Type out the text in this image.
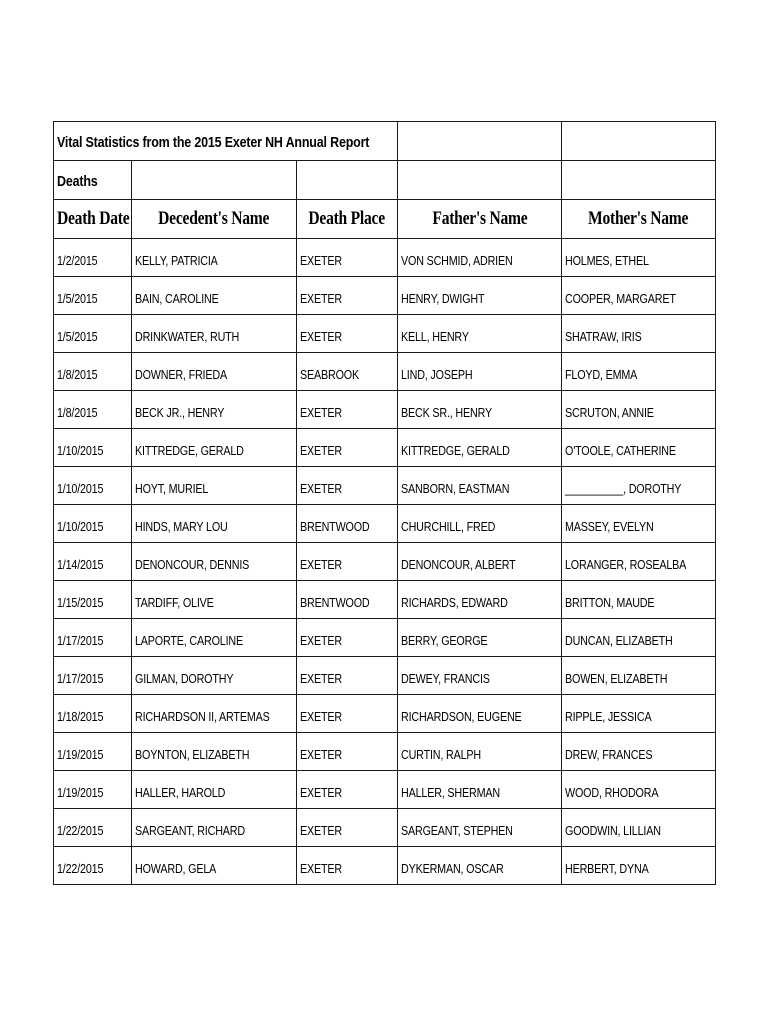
Vital Statistics from the 2015 Exeter NH Annual Report				
Deaths				
Death Date	Decedent's Name	Death Place	Father's Name	Mother's Name
1/2/2015	KELLY, PATRICIA	EXETER	VON SCHMID, ADRIEN	HOLMES, ETHEL
1/5/2015	BAIN, CAROLINE	EXETER	HENRY, DWIGHT	COOPER, MARGARET
1/5/2015	DRINKWATER, RUTH	EXETER	KELL, HENRY	SHATRAW, IRIS
1/8/2015	DOWNER, FRIEDA	SEABROOK	LIND, JOSEPH	FLOYD, EMMA
1/8/2015	BECK JR., HENRY	EXETER	BECK SR., HENRY	SCRUTON, ANNIE
1/10/2015	KITTREDGE, GERALD	EXETER	KITTREDGE, GERALD	O'TOOLE, CATHERINE
1/10/2015	HOYT, MURIEL	EXETER	SANBORN, EASTMAN	__________, DOROTHY
1/10/2015	HINDS, MARY LOU	BRENTWOOD	CHURCHILL, FRED	MASSEY, EVELYN
1/14/2015	DENONCOUR, DENNIS	EXETER	DENONCOUR, ALBERT	LORANGER, ROSEALBA
1/15/2015	TARDIFF, OLIVE	BRENTWOOD	RICHARDS, EDWARD	BRITTON, MAUDE
1/17/2015	LAPORTE, CAROLINE	EXETER	BERRY, GEORGE	DUNCAN, ELIZABETH
1/17/2015	GILMAN, DOROTHY	EXETER	DEWEY, FRANCIS	BOWEN, ELIZABETH
1/18/2015	RICHARDSON II, ARTEMAS	EXETER	RICHARDSON, EUGENE	RIPPLE, JESSICA
1/19/2015	BOYNTON, ELIZABETH	EXETER	CURTIN, RALPH	DREW, FRANCES
1/19/2015	HALLER, HAROLD	EXETER	HALLER, SHERMAN	WOOD, RHODORA
1/22/2015	SARGEANT, RICHARD	EXETER	SARGEANT, STEPHEN	GOODWIN, LILLIAN
1/22/2015	HOWARD, GELA	EXETER	DYKERMAN, OSCAR	HERBERT, DYNA
